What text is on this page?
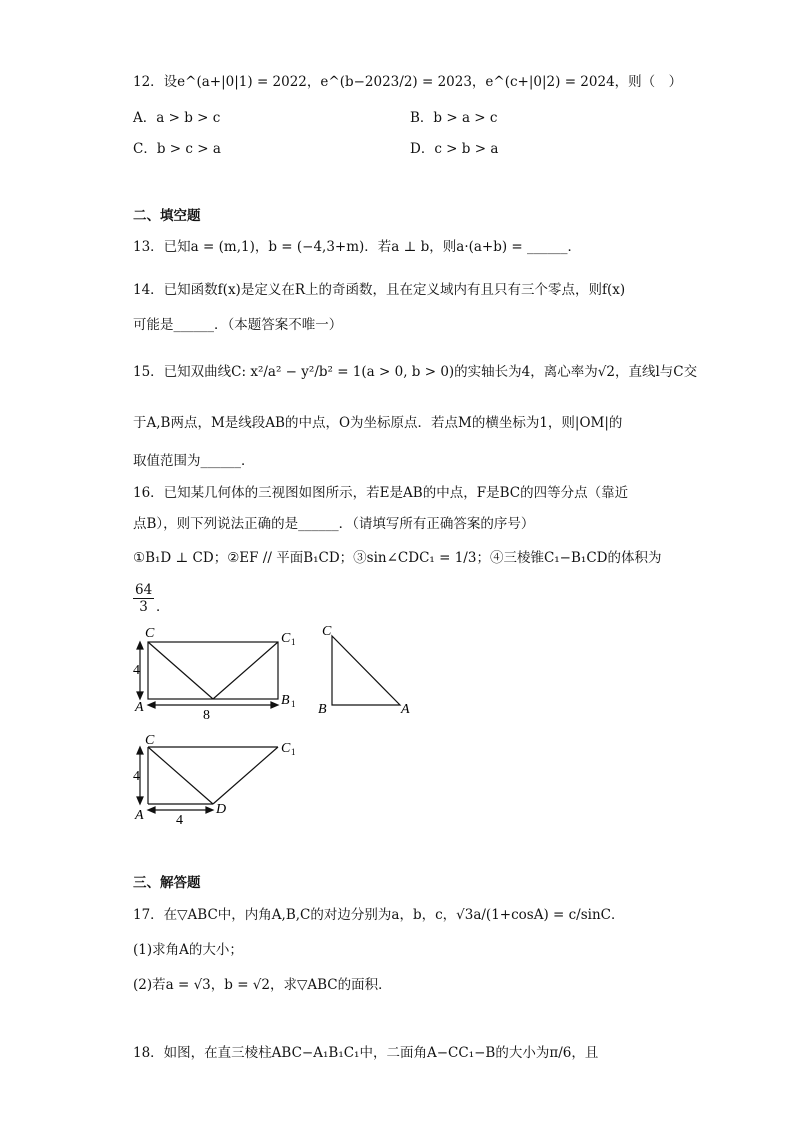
12．设e^(a+|0|1) = 2022，e^(b−2023/2) = 2023，e^(c+|0|2) = 2024，则（　）
A．a > b > c	B．b > a > c
C．b > c > a	D．c > b > a
二、填空题
13．已知a = (m,1)，b = (−4,3+m)．若a ⊥ b，则a·(a+b) = ______．
14．已知函数f(x)是定义在R上的奇函数，且在定义域内有且只有三个零点，则f(x)
可能是______．（本题答案不唯一）
15．已知双曲线C: x²/a² − y²/b² = 1(a > 0, b > 0)的实轴长为4，离心率为√2，直线l与C交
于A,B两点，M是线段AB的中点，O为坐标原点．若点M的横坐标为1，则|OM|的
取值范围为______．
16．已知某几何体的三视图如图所示，若E是AB的中点，F是BC的四等分点（靠近
点B），则下列说法正确的是______．（请填写所有正确答案的序号）
①B₁D ⊥ CD；②EF // 平面B₁CD；③sin∠CDC₁ = 1/3；④三棱锥C₁−B₁CD的体积为
$\frac{64}{3}$ ．
C	C 1
A	B 1
4
8
C
B	A
C
C 1
A	D
4
4
三、解答题
17．在▽ABC中，内角A,B,C的对边分别为a，b，c，√3a/(1+cosA) = c/sinC．
(1)求角A的大小；
(2)若a = √3，b = √2，求▽ABC的面积．
18．如图，在直三棱柱ABC−A₁B₁C₁中，二面角A−CC₁−B的大小为π/6，且
